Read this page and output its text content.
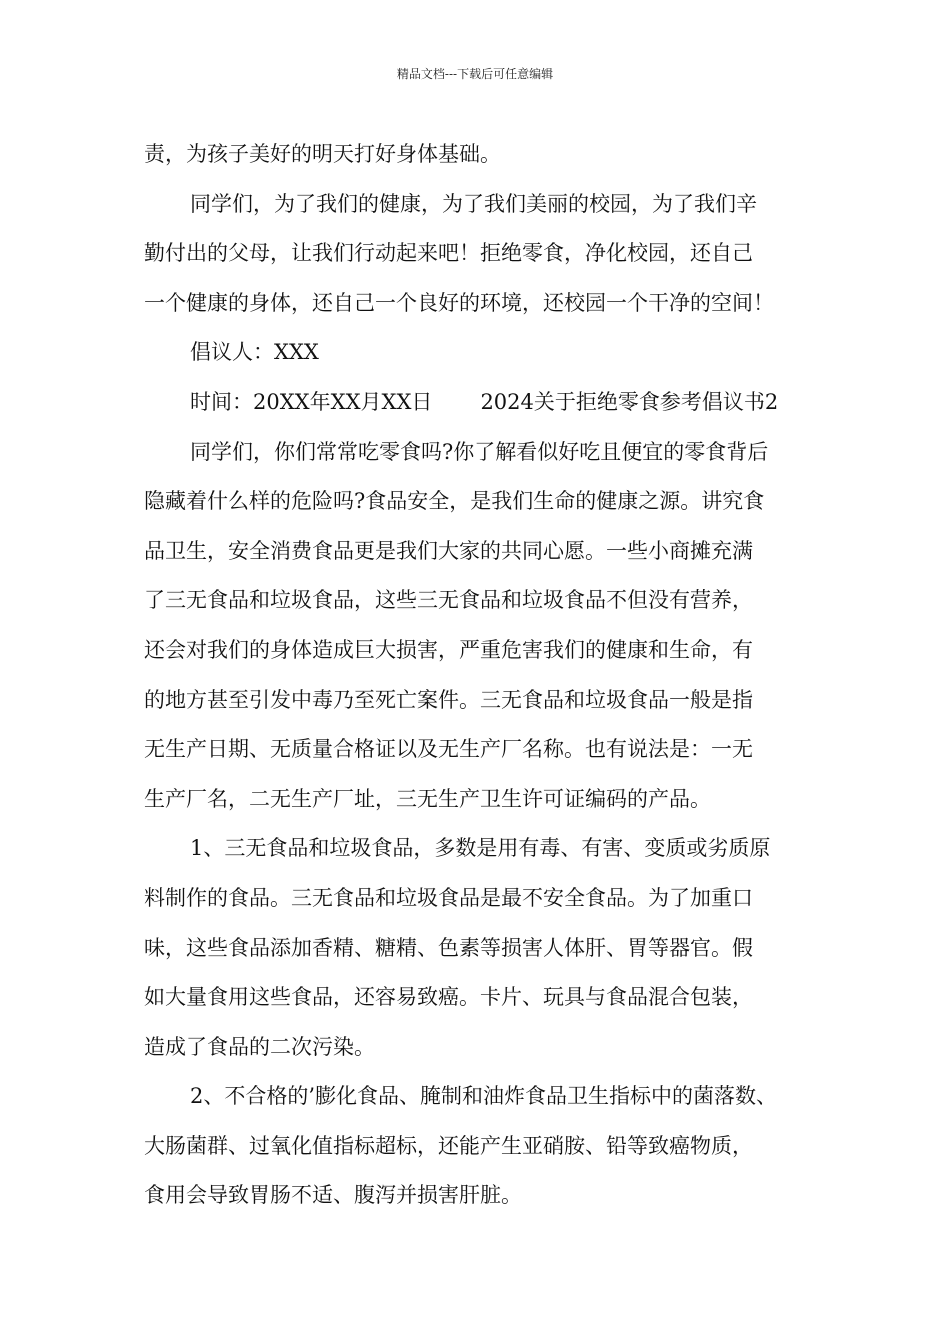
精品文档---下载后可任意编辑
责，为孩子美好的明天打好身体基础。
同学们，为了我们的健康，为了我们美丽的校园，为了我们辛
勤付出的父母，让我们行动起来吧！拒绝零食，净化校园，还自己
一个健康的身体，还自己一个良好的环境，还校园一个干净的空间！
倡议人：XXX
时间：20XX年XX月XX日 2024关于拒绝零食参考倡议书2
同学们，你们常常吃零食吗?你了解看似好吃且便宜的零食背后
隐藏着什么样的危险吗?食品安全，是我们生命的健康之源。讲究食
品卫生，安全消费食品更是我们大家的共同心愿。一些小商摊充满
了三无食品和垃圾食品，这些三无食品和垃圾食品不但没有营养，
还会对我们的身体造成巨大损害，严重危害我们的健康和生命，有
的地方甚至引发中毒乃至死亡案件。三无食品和垃圾食品一般是指
无生产日期、无质量合格证以及无生产厂名称。也有说法是：一无
生产厂名，二无生产厂址，三无生产卫生许可证编码的产品。
1、三无食品和垃圾食品，多数是用有毒、有害、变质或劣质原
料制作的食品。三无食品和垃圾食品是最不安全食品。为了加重口
味，这些食品添加香精、糖精、色素等损害人体肝、胃等器官。假
如大量食用这些食品，还容易致癌。卡片、玩具与食品混合包装，
造成了食品的二次污染。
2、不合格的’膨化食品、腌制和油炸食品卫生指标中的菌落数、
大肠菌群、过氧化值指标超标，还能产生亚硝胺、铅等致癌物质，
食用会导致胃肠不适、腹泻并损害肝脏。
